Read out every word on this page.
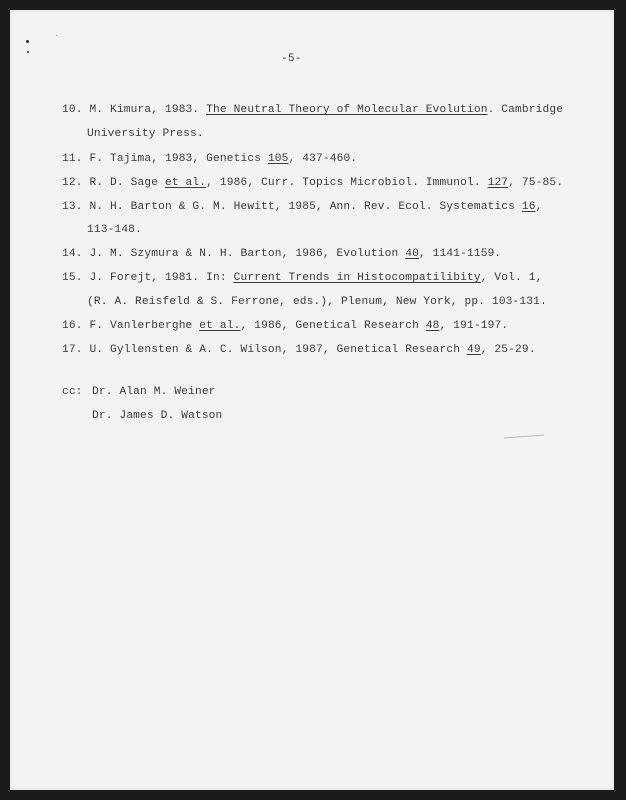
-5-
10. M. Kimura, 1983. The Neutral Theory of Molecular Evolution. Cambridge
University Press.
11. F. Tajima, 1983, Genetics 105, 437-460.
12. R. D. Sage et al., 1986, Curr. Topics Microbiol. Immunol. 127, 75-85.
13. N. H. Barton & G. M. Hewitt, 1985, Ann. Rev. Ecol. Systematics 16,
113-148.
14. J. M. Szymura & N. H. Barton, 1986, Evolution 40, 1141-1159.
15. J. Forejt, 1981. In: Current Trends in Histocompatilibity, Vol. 1,
(R. A. Reisfeld & S. Ferrone, eds.), Plenum, New York, pp. 103-131.
16. F. Vanlerberghe et al., 1986, Genetical Research 48, 191-197.
17. U. Gyllensten & A. C. Wilson, 1987, Genetical Research 49, 25-29.
cc: Dr. Alan M. Weiner
Dr. James D. Watson
